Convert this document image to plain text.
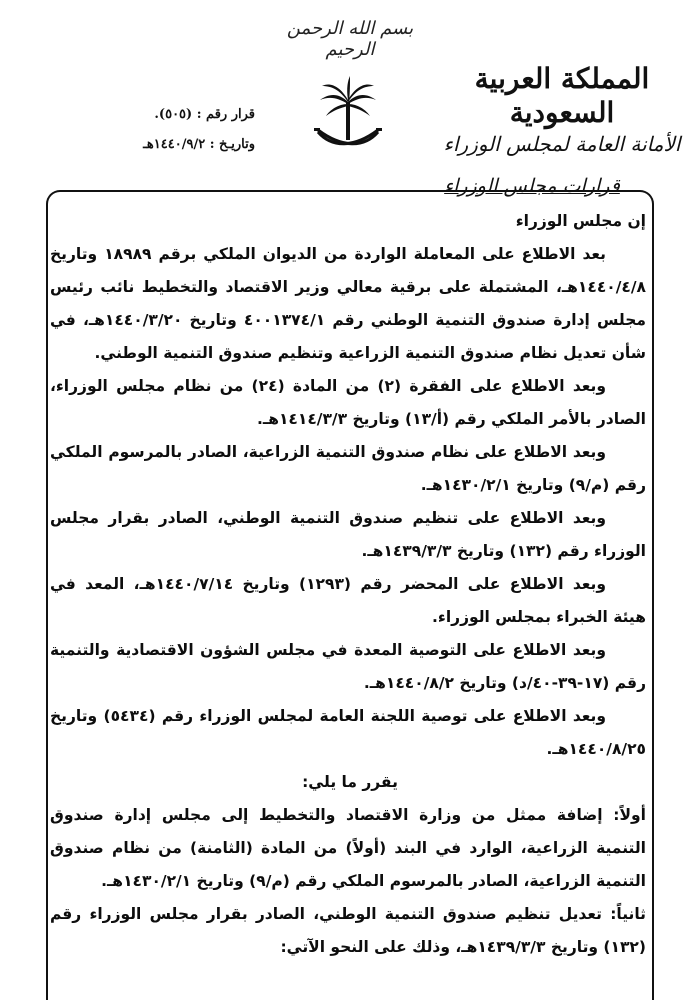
بسم الله الرحمن الرحيم
المملكة العربية السعودية
الأمانة العامة لمجلس الوزراء
قرارات مجلس الوزراء
قرار رقم : (٥٠٥).
وتاريـخ : ١٤٤٠/٩/٢هـ

إن مجلس الوزراء

بعد الاطلاع على المعاملة الواردة من الديوان الملكي برقم ١٨٩٨٩ وتاريخ ١٤٤٠/٤/٨هـ، المشتملة على برقية معالي وزير الاقتصاد والتخطيط نائب رئيس مجلس إدارة صندوق التنمية الوطني رقم ٤٠٠١٣٧٤/١ وتاريخ ١٤٤٠/٣/٢٠هـ، في شأن تعديل نظام صندوق التنمية الزراعية وتنظيم صندوق التنمية الوطني.

وبعد الاطلاع على الفقرة (٢) من المادة (٢٤) من نظام مجلس الوزراء، الصادر بالأمر الملكي رقم (أ/١٣) وتاريخ ١٤١٤/٣/٣هـ.

وبعد الاطلاع على نظام صندوق التنمية الزراعية، الصادر بالمرسوم الملكي رقم (م/٩) وتاريخ ١٤٣٠/٢/١هـ.

وبعد الاطلاع على تنظيم صندوق التنمية الوطني، الصادر بقرار مجلس الوزراء رقم (١٣٢) وتاريخ ١٤٣٩/٣/٣هـ.

وبعد الاطلاع على المحضر رقم (١٢٩٣) وتاريخ ١٤٤٠/٧/١٤هـ، المعد في هيئة الخبراء بمجلس الوزراء.

وبعد الاطلاع على التوصية المعدة في مجلس الشؤون الاقتصادية والتنمية رقم (١٧-٣٩-٤٠/د) وتاريخ ١٤٤٠/٨/٢هـ.

وبعد الاطلاع على توصية اللجنة العامة لمجلس الوزراء رقم (٥٤٣٤) وتاريخ ١٤٤٠/٨/٢٥هـ.

يقرر ما يلي:

أولاً: إضافة ممثل من وزارة الاقتصاد والتخطيط إلى مجلس إدارة صندوق التنمية الزراعية، الوارد في البند (أولاً) من المادة (الثامنة) من نظام صندوق التنمية الزراعية، الصادر بالمرسوم الملكي رقم (م/٩) وتاريخ ١٤٣٠/٢/١هـ.

ثانياً: تعديل تنظيم صندوق التنمية الوطني، الصادر بقرار مجلس الوزراء رقم (١٣٢) وتاريخ ١٤٣٩/٣/٣هـ، وذلك على النحو الآتي:
